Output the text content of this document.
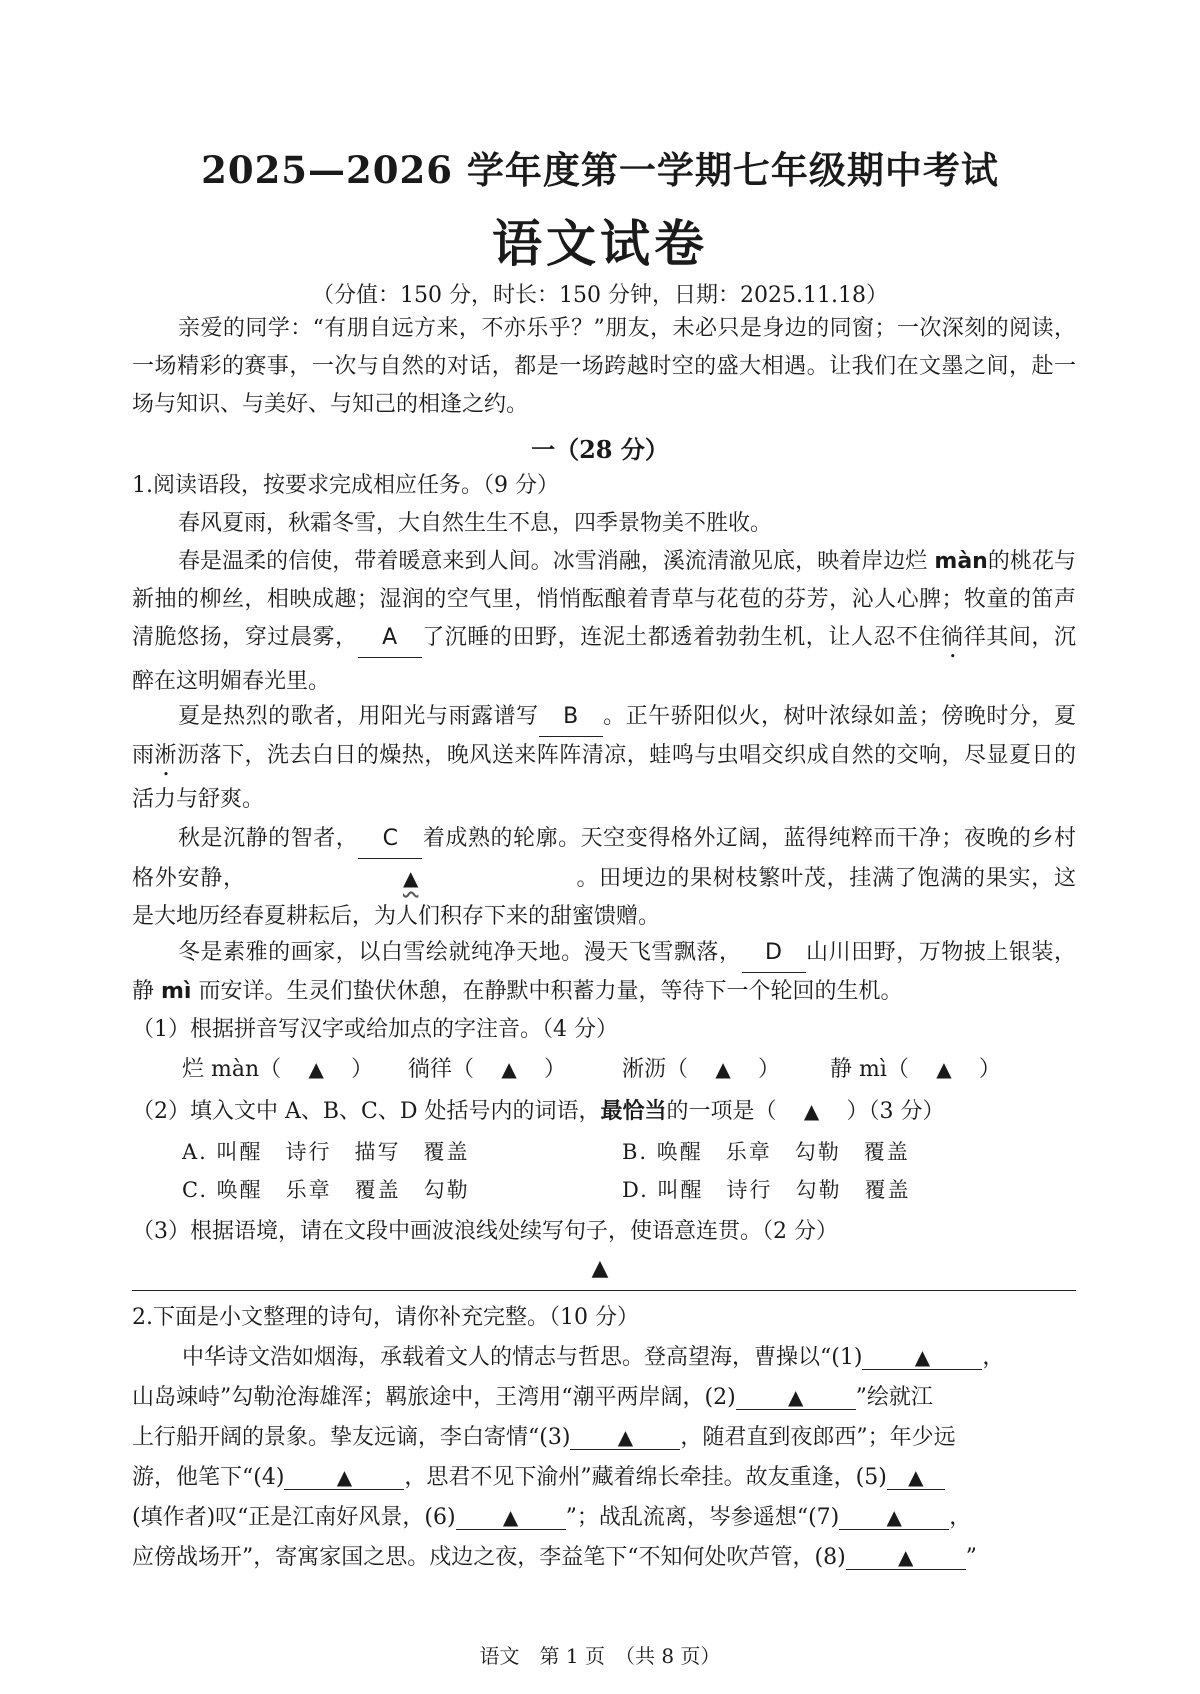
2025—2026 学年度第一学期七年级期中考试
语文试卷
（分值：150 分，时长：150 分钟，日期：2025.11.18）

亲爱的同学：“有朋自远方来，不亦乐乎？”朋友，未必只是身边的同窗；一次深刻的阅读，一场精彩的赛事，一次与自然的对话，都是一场跨越时空的盛大相遇。让我们在文墨之间，赴一场与知识、与美好、与知己的相逢之约。

一（28 分）

1.阅读语段，按要求完成相应任务。（9 分）

春风夏雨，秋霜冬雪，大自然生生不息，四季景物美不胜收。

春是温柔的信使，带着暖意来到人间。冰雪消融，溪流清澈见底，映着岸边烂 màn的桃花与新抽的柳丝，相映成趣；湿润的空气里，悄悄酝酿着青草与花苞的芬芳，沁人心脾；牧童的笛声清脆悠扬，穿过晨雾， A 了沉睡的田野，连泥土都透着勃勃生机，让人忍不住徜徉其间，沉醉在这明媚春光里。

夏是热烈的歌者，用阳光与雨露谱写 B 。正午骄阳似火，树叶浓绿如盖；傍晚时分，夏雨淅沥落下，洗去白日的燥热，晚风送来阵阵清凉，蛙鸣与虫唱交织成自然的交响，尽显夏日的活力与舒爽。

秋是沉静的智者， C 着成熟的轮廓。天空变得格外辽阔，蓝得纯粹而干净；夜晚的乡村格外安静，	▲	。田埂边的果树枝繁叶茂，挂满了饱满的果实，这是大地历经春夏耕耘后，为人们积存下来的甜蜜馈赠。

冬是素雅的画家，以白雪绘就纯净天地。漫天飞雪飘落， D 山川田野，万物披上银装，静 mì 而安详。生灵们蛰伏休憩，在静默中积蓄力量，等待下一个轮回的生机。

（1）根据拼音写汉字或给加点的字注音。（4 分）
烂 màn（ ▲ ） 徜徉（ ▲ ）	淅沥（ ▲ ） 静 mì（ ▲ ）
（2）填入文中 A、B、C、D 处括号内的词语，最恰当的一项是（ ▲ ）（3 分）
A. 叫醒　诗行　描写　覆盖	B. 唤醒　乐章　勾勒　覆盖
C. 唤醒　乐章　覆盖　勾勒	D. 叫醒　诗行　勾勒　覆盖
（3）根据语境，请在文段中画波浪线处续写句子，使语意连贯。（2 分）
▲

2.下面是小文整理的诗句，请你补充完整。（10 分）

中华诗文浩如烟海，承载着文人的情志与哲思。登高望海，曹操以“(1)	▲ ，
山岛竦峙”勾勒沧海雄浑；羁旅途中，王湾用“潮平两岸阔，(2)	▲ ”绘就江
上行船开阔的景象。挚友远谪，李白寄情“(3) ▲ ，随君直到夜郎西”；年少远
游，他笔下“(4)	▲ ，思君不见下渝州”藏着绵长牵挂。故友重逢，(5) ▲
(填作者)叹“正是江南好风景，(6) ▲ ”；战乱流离，岑参遥想“(7) ▲ ，
应傍战场开”，寄寓家国之思。戍边之夜，李益笔下“不知何处吹芦管，(8)	▲ ”
语文　第 1 页　（共 8 页）
